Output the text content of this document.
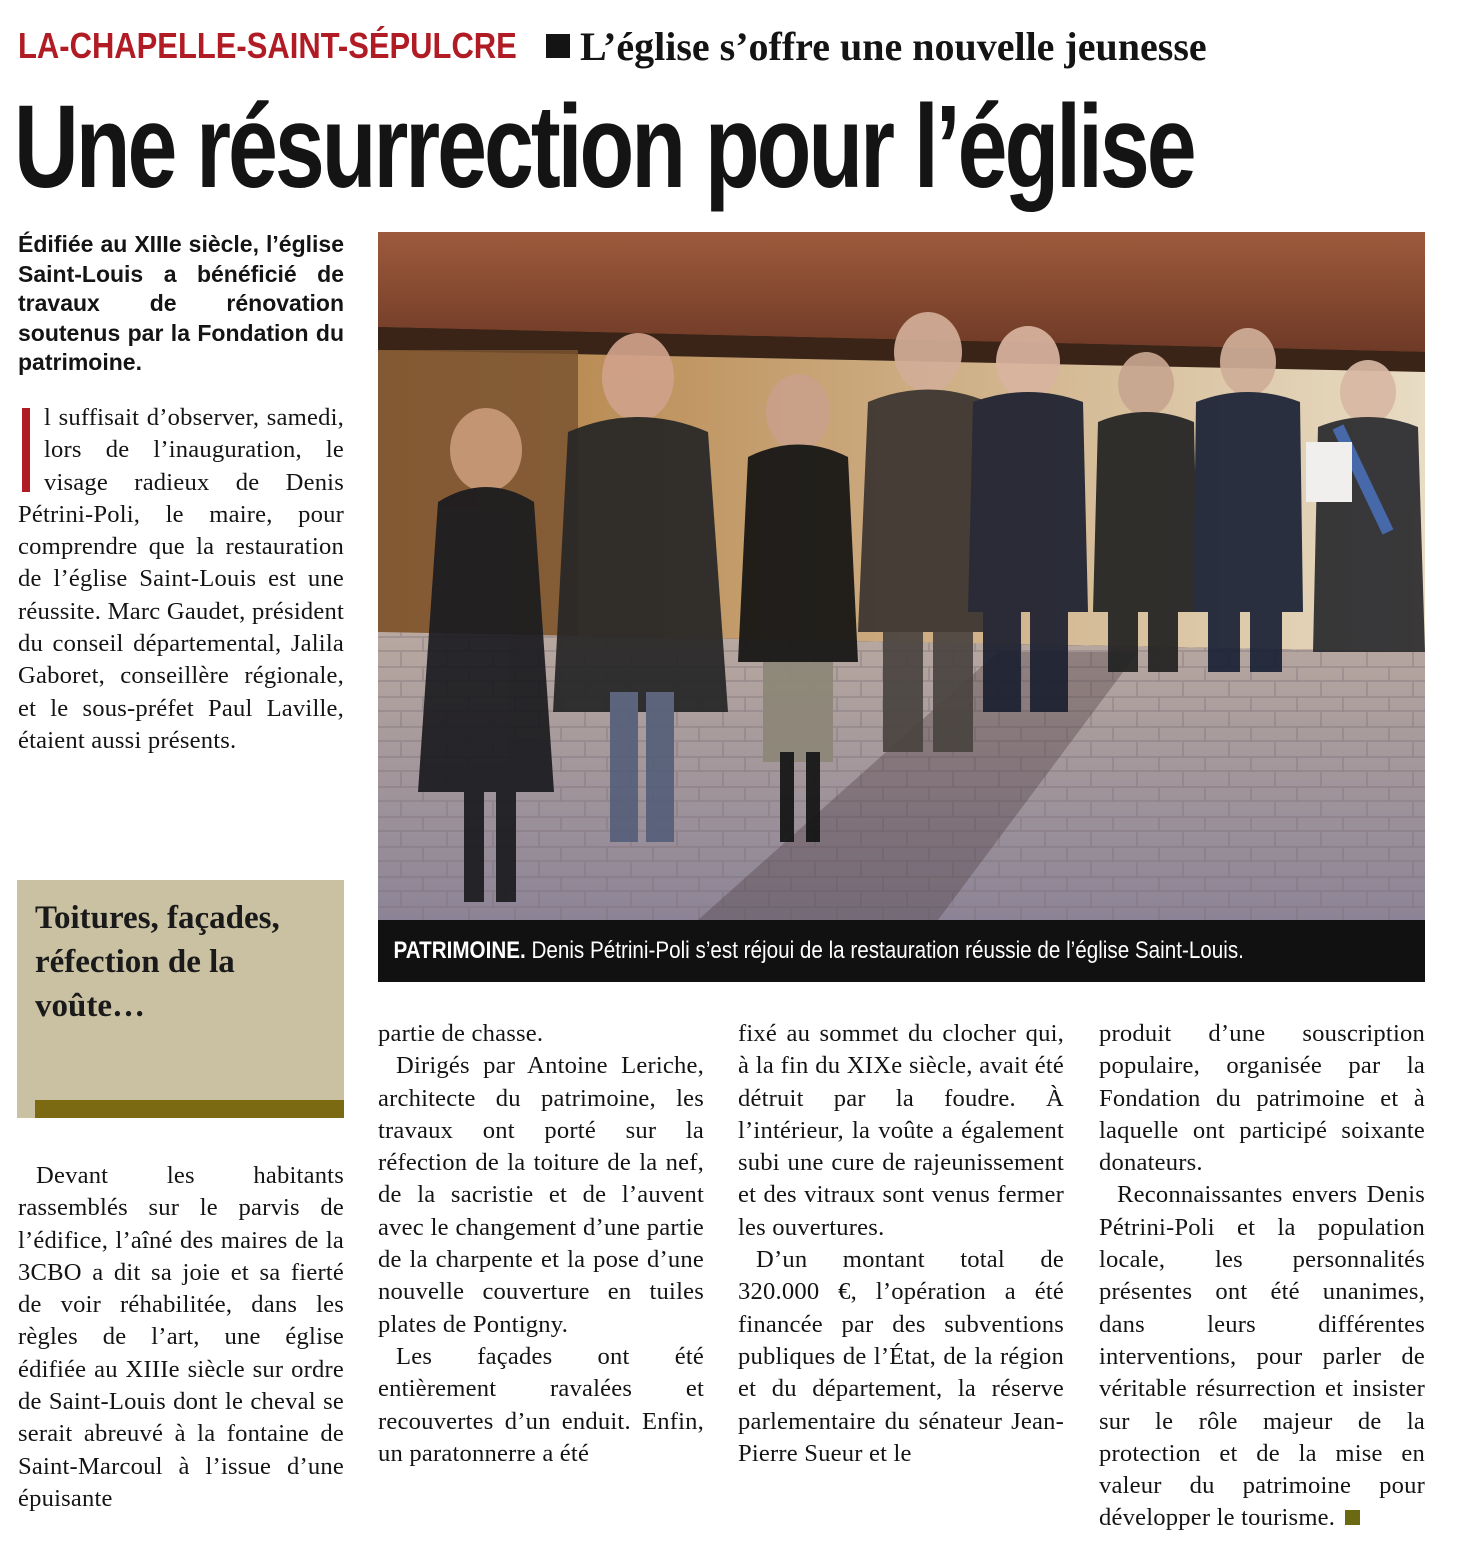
LA-CHAPELLE-SAINT-SÉPULCRE L’église s’offre une nouvelle jeunesse
Une résurrection pour l’église
Édifiée au XIIIe siècle, l’église Saint-Louis a bénéficié de travaux de rénovation soutenus par la Fondation du patrimoine.

l suffisait d’observer, samedi, lors de l’inauguration, le visage radieux de Denis Pétrini-Poli, le maire, pour comprendre que la restauration de l’église Saint-Louis est une réussite. Marc Gaudet, président du conseil départemental, Jalila Gaboret, conseillère régionale, et le sous-préfet Paul Laville, étaient aussi présents.

Toitures, façades, réfection de la voûte…
PATRIMOINE. Denis Pétrini-Poli s’est réjoui de la restauration réussie de l’église Saint-Louis.

Devant les habitants rassemblés sur le parvis de l’édifice, l’aîné des maires de la 3CBO a dit sa joie et sa fierté de voir réhabilitée, dans les règles de l’art, une église édifiée au XIIIe siècle sur ordre de Saint-Louis dont le cheval se serait abreuvé à la fontaine de Saint-Marcoul à l’issue d’une épuisante

partie de chasse.

Dirigés par Antoine Leriche, architecte du patrimoine, les travaux ont porté sur la réfection de la toiture de la nef, de la sacristie et de l’auvent avec le changement d’une partie de la charpente et la pose d’une nouvelle couverture en tuiles plates de Pontigny.

Les façades ont été entièrement ravalées et recouvertes d’un enduit. Enfin, un paratonnerre a été

fixé au sommet du clocher qui, à la fin du XIXe siècle, avait été détruit par la foudre. À l’intérieur, la voûte a également subi une cure de rajeunissement et des vitraux sont venus fermer les ouvertures.

D’un montant total de 320.000 €, l’opération a été financée par des subventions publiques de l’État, de la région et du département, la réserve parlementaire du sénateur Jean-Pierre Sueur et le

produit d’une souscription populaire, organisée par la Fondation du patrimoine et à laquelle ont participé soixante donateurs.

Reconnaissantes envers Denis Pétrini-Poli et la population locale, les personnalités présentes ont été unanimes, dans leurs différentes interventions, pour parler de véritable résurrection et insister sur le rôle majeur de la protection et de la mise en valeur du patrimoine pour développer le tourisme.
